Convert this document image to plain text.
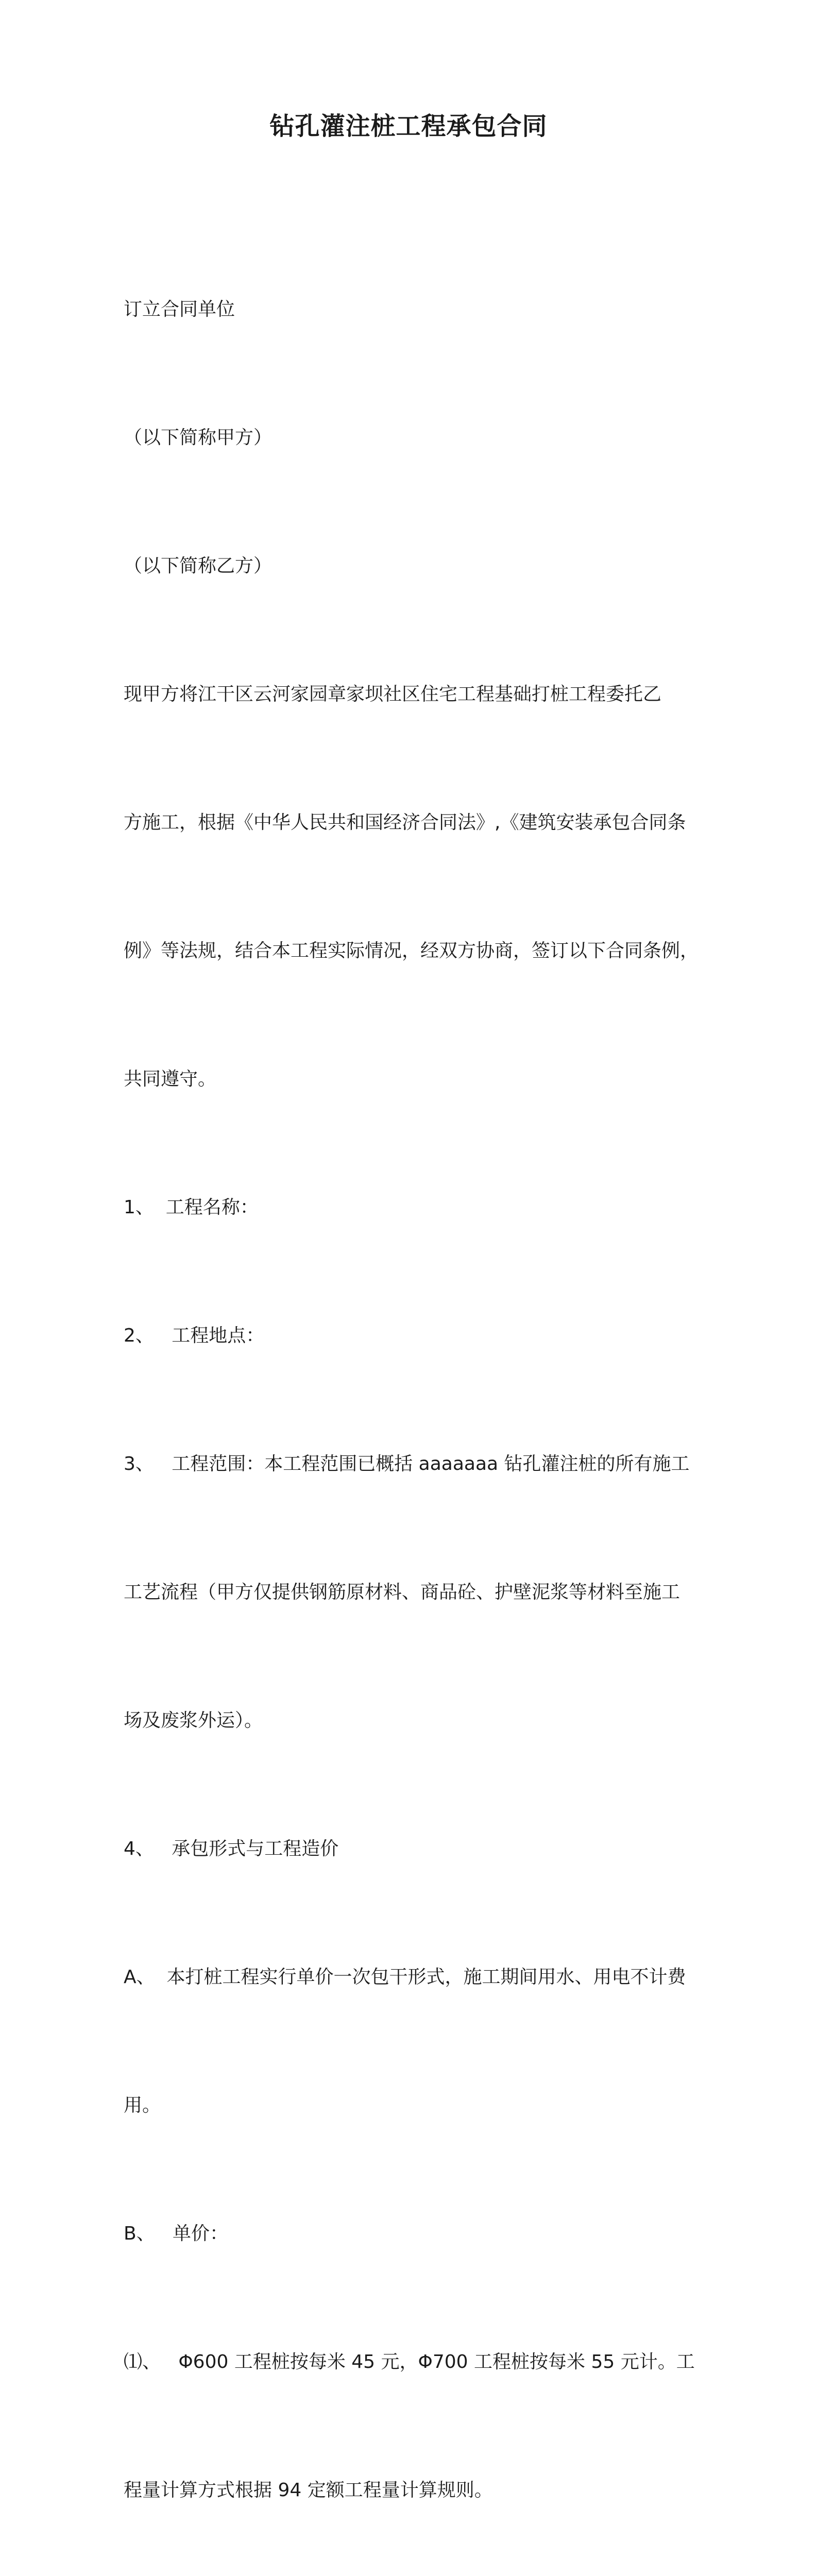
钻孔灌注桩工程承包合同

订立合同单位

（以下简称甲方）

（以下简称乙方）

现甲方将江干区云河家园章家坝社区住宅工程基础打桩工程委托乙

方施工，根据《中华人民共和国经济合同法》,《建筑安装承包合同条

例》等法规，结合本工程实际情况，经双方协商，签订以下合同条例，

共同遵守。

1、  工程名称：

2、   工程地点：

3、   工程范围：本工程范围已概括 aaaaaaa 钻孔灌注桩的所有施工

工艺流程（甲方仅提供钢筋原材料、商品砼、护壁泥浆等材料至施工

场及废浆外运）。

4、   承包形式与工程造价

A、  本打桩工程实行单价一次包干形式，施工期间用水、用电不计费

用。

B、   单价：

⑴、   Φ600 工程桩按每米 45 元，Φ700 工程桩按每米 55 元计。工

程量计算方式根据 94 定额工程量计算规则。
